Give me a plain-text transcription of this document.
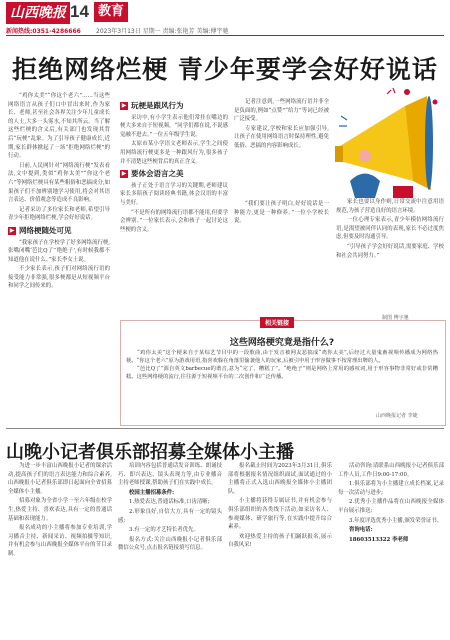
山西晚报 14 教育
新闻热线:0351-4286666	2023年3月13日 星期一 责编:张艳芳 美编:傅宇驰
拒绝网络烂梗 青少年要学会好好说话

“鸡你太美”“你这个老六”……当这些网络语言从孩子们口中冒出来时,作为家长、老师,甚至社会各界关注少年儿童成长的人士,大多一头雾水,不知其所云。当了解这些烂梗的含义后,有关部门也发现其背后“玩梗”乱象。为了引导孩子健康成长,近期,家长群体掀起了一场“拒绝网络烂梗”的行动。

日前,人民网针对“网络流行梗”发表看法,文中提到,类似“鸡你太美”“你这个老六”等网络烂梗具有某些粗俗和恶搞成分,如果孩子们不加辨别地学习使用,将会对其语言表达、价值观念等造成不良影响。

记者采访了多位家长和老师,希望引导青少年拒绝网络烂梗,学会好好说话。

▶ 网络梗随处可见

“我家孩子在学校学了好多网络流行梗,张嘴闭嘴‘芭比Q了’‘绝绝子’,有时候我都不知道他在说什么。”家长李女士说。

不少家长表示,孩子们对网络流行语的接受能力非常强,很多梗都是从短视频平台和同学之间传来的。

▶ 玩梗是跟风行为

采访中,有小学生表示他们常挂在嘴边的梗大多来自于短视频。“同学们都在说,不说感觉融不进去。”一位五年级学生说。

太原市某小学语文老师表示,学生之间使用网络流行梗更多是一种跟风行为,很多孩子并不清楚这些梗背后的真正含义。

▶ 要体会语言之美

孩子正处于语言学习的关键期,老师建议家长多陪孩子阅读经典书籍,体会汉语的丰富与美好。

“不是所有的网络流行语都不能用,但要学会辨别。”一位家长表示,会和孩子一起讨论这些梗的含义。

记者注意到,一些网络流行语并非全是负面的,例如“点赞”“给力”等词已经被广泛接受。

专家建议,学校和家长应加强引导,让孩子在使用网络语言时保持理性,避免低俗、恶搞的内容影响成长。

“我们要让孩子明白,好好说话是一种能力,更是一种修养。”一位小学校长说。

家长也要以身作则,日常交流中注意用语规范,为孩子营造良好的语言环境。

一位心理专家表示,青少年模仿网络流行语,是渴望被同伴认同的表现,家长不必过度焦虑,但要及时沟通引导。

“引导孩子学会好好说话,需要家庭、学校和社会共同努力。”

制图 傅宇驰
相关链接
这些网络梗究竟是指什么?

“鸡你太美”这个梗来自于某综艺节目中的一段歌曲,由于发音被网友恶搞成“鸡你太美”,后经过大量鬼畜视频传播成为网络热梗。“你这个老六”原为游戏用语,指喜欢躲在角落里偷袭他人的玩家,后被引申用于形容做事不按常理出牌的人。

“芭比Q了”源自英文barbecue的谐音,意为“完了、糟糕了”。“绝绝子”则是网络上常用的感叹词,用于形容事物非常好或非常糟糕。这些网络梗的流行,往往源于短视频平台的二次创作和广泛传播。

山西晚报记者 李婕
山晚小记者俱乐部招募全媒体小主播

为进一步丰富山西晚报小记者的课余活动,提高孩子们的语言表达能力和综合素养,山西晚报小记者俱乐部即日起面向全省招募全媒体小主播。

招募对象为全省小学一至六年级在校学生,热爱主持、喜欢表达,具有一定的普通话基础和表现能力。

报名成功的小主播将参加专业培训,学习播音主持、新闻采访、视频拍摄等知识,并有机会参与山西晚报全媒体平台的节目录制。

培训内容包括普通话发音训练、朗诵技巧、即兴表达、镜头表现力等,由专业播音主持老师授课,帮助孩子们在实践中成长。

校园主播招募条件:

1.热爱表达,普通话标准,口齿清晰;

2.形象良好,自信大方,具有一定的镜头感;

3.有一定的才艺特长者优先。

报名方式:关注山西晚报小记者俱乐部微信公众号,点击报名链接填写信息。

报名截止时间为2023年3月31日,俱乐部将根据报名情况组织面试,面试通过的小主播将正式入选山西晚报全媒体小主播团队。

小主播将获得专属证书,并有机会参与俱乐部组织的各类线下活动,如采访名人、参观媒体、研学旅行等,在实践中提升综合素养。

欢迎热爱主持的孩子们踊跃报名,展示自我风采!

活动咨询:请联系山西晚报小记者俱乐部工作人员,工作日9:00-17:00。

1.俱乐部将为小主播建立成长档案,记录每一次活动与进步;

2.优秀小主播作品将在山西晚报全媒体平台展示推送;

3.年度评选优秀小主播,颁发荣誉证书。

咨询电话:

18603513322 李老师
